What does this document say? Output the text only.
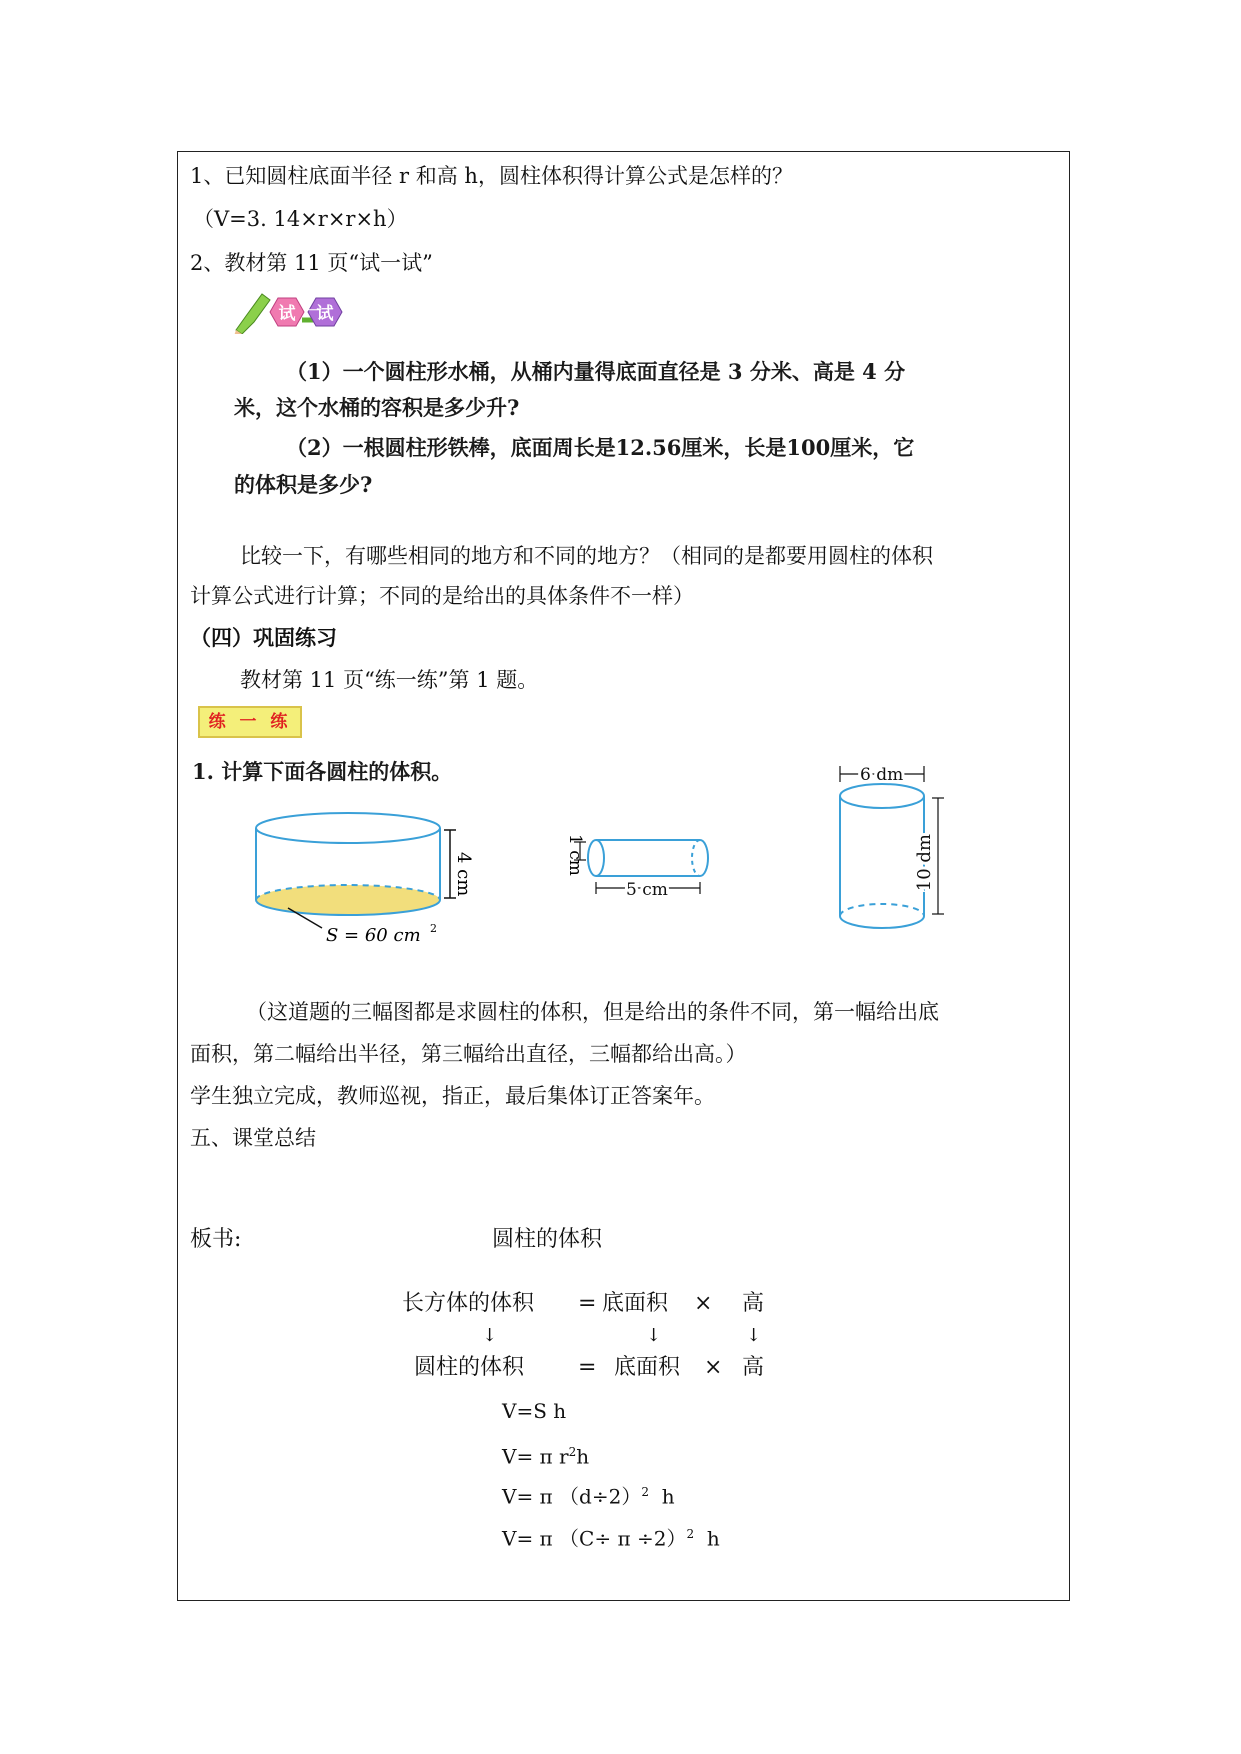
1、已知圆柱底面半径 r 和高 h，圆柱体积得计算公式是怎样的？
（V=3. 14×r×r×h）
2、教材第 11 页“试一试”
试 一
试
（1）一个圆柱形水桶，从桶内量得底面直径是 3 分米、高是 4 分
米，这个水桶的容积是多少升?
（2）一根圆柱形铁棒，底面周长是12.56厘米，长是100厘米，它
的体积是多少?
比较一下，有哪些相同的地方和不同的地方？（相同的是都要用圆柱的体积
计算公式进行计算；不同的是给出的具体条件不一样）
（四）巩固练习
教材第 11 页“练一练”第 1 题。
练 一 练
1. 计算下面各圆柱的体积。
4 cm
S = 60 cm 2
1 cm
5 cm
6 dm
10 dm
（这道题的三幅图都是求圆柱的体积，但是给出的条件不同，第一幅给出底
面积，第二幅给出半径，第三幅给出直径，三幅都给出高。）
学生独立完成，教师巡视，指正，最后集体订正答案年。
五、课堂总结
板书:	圆柱的体积
长方体的体积 = 底面积 × 高
↓	↓	↓
圆柱的体积 = 底面积 × 高
V=S h
V= π $r^2h$
V= π $(d\div 2)^2$ h
V= π $(C\div \pi \div 2)^2$ h
